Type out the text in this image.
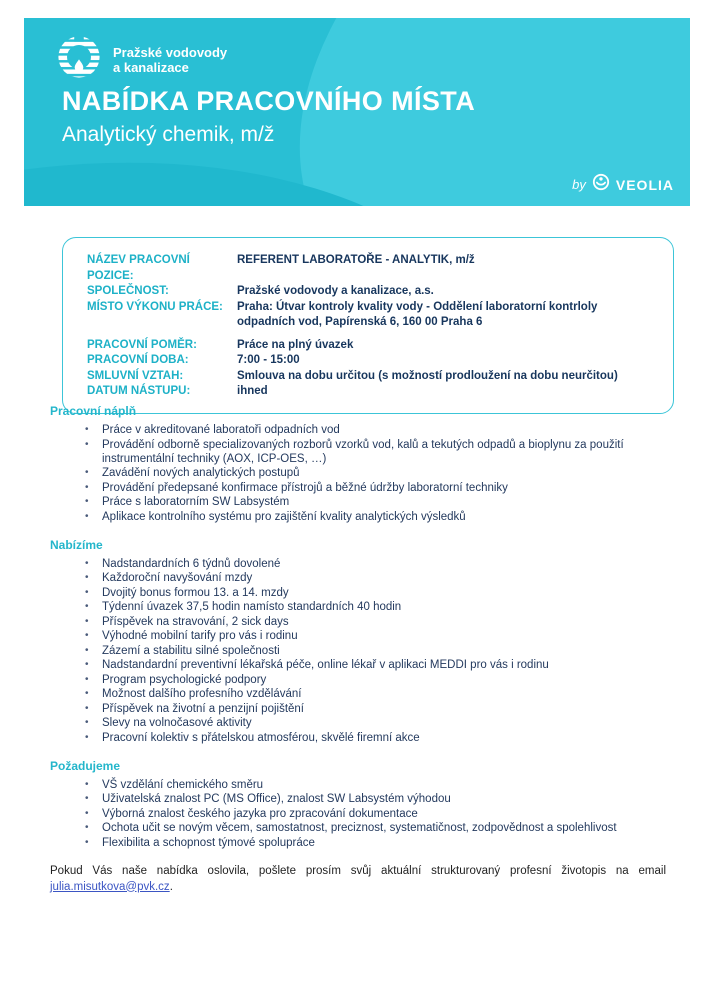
Pražské vodovody
a kanalizace
NABÍDKA PRACOVNÍHO MÍSTA
Analytický chemik, m/ž
by VEOLIA
NÁZEV PRACOVNÍ POZICE:
REFERENT LABORATOŘE - ANALYTIK, m/ž
SPOLEČNOST:	Pražské vodovody a kanalizace, a.s.
MÍSTO VÝKONU PRÁCE:	Praha: Útvar kontroly kvality vody - Oddělení laboratorní kontrloly odpadních vod, Papírenská 6, 160 00 Praha 6
PRACOVNÍ POMĚR:	Práce na plný úvazek
PRACOVNÍ DOBA:	7:00 - 15:00
SMLUVNÍ VZTAH:	Smlouva na dobu určitou (s možností prodloužení na dobu neurčitou)
DATUM NÁSTUPU:	ihned
Pracovní náplň
•	Práce v akreditované laboratoři odpadních vod
•	Provádění odborně specializovaných rozborů vzorků vod, kalů a tekutých odpadů a bioplynu za použití instrumentální techniky (AOX, ICP-OES, …)
•	Zavádění nových analytických postupů
•	Provádění předepsané konfirmace přístrojů a běžné údržby laboratorní techniky
•	Práce s laboratorním SW Labsystém
•	Aplikace kontrolního systému pro zajištění kvality analytických výsledků
Nabízíme
•	Nadstandardních 6 týdnů dovolené
•	Každoroční navyšování mzdy
•	Dvojitý bonus formou 13. a 14. mzdy
•	Týdenní úvazek 37,5 hodin namísto standardních 40 hodin
•	Příspěvek na stravování, 2 sick days
•	Výhodné mobilní tarify pro vás i rodinu
•	Zázemí a stabilitu silné společnosti
•	Nadstandardní preventivní lékařská péče, online lékař v aplikaci MEDDI pro vás i rodinu
•	Program psychologické podpory
•	Možnost dalšího profesního vzdělávání
•	Příspěvek na životní a penzijní pojištění
•	Slevy na volnočasové aktivity
•	Pracovní kolektiv s přátelskou atmosférou, skvělé firemní akce
Požadujeme
•	VŠ vzdělání chemického směru
•	Uživatelská znalost PC (MS Office), znalost SW Labsystém výhodou
•	Výborná znalost českého jazyka pro zpracování dokumentace
•	Ochota učit se novým věcem, samostatnost, preciznost, systematičnost, zodpovědnost a spolehlivost
•	Flexibilita a schopnost týmové spolupráce

Pokud Vás naše nabídka oslovila, pošlete prosím svůj aktuální strukturovaný profesní životopis na email julia.misutkova@pvk.cz.
